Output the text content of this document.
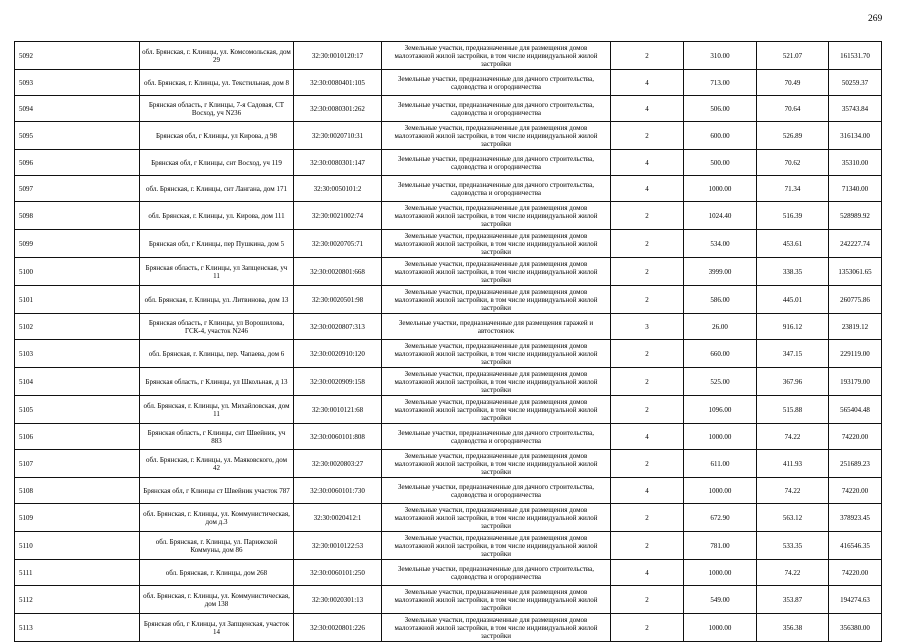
269
5092	обл. Брянская, г. Клинцы, ул. Комсомольская, дом 29	32:30:0010120:17	Земельные участки, предназначенные для размещения домов малоэтажной жилой застройки, в том числе индивидуальной жилой застройки	2	310.00	521.07	161531.70
5093	обл. Брянская, г. Клинцы, ул. Текстильная, дом 8	32:30:0080401:105	Земельные участки, предназначенные для дачного строительства, садоводства и огородничества	4	713.00	70.49	50259.37
5094	Брянская область, г Клинцы, 7-я Садовая, СТ Восход, уч N236	32:30:0080301:262	Земельные участки, предназначенные для дачного строительства, садоводства и огородничества	4	506.00	70.64	35743.84
5095	Брянская обл, г Клинцы, ул Кирова, д 98	32:30:0020710:31	Земельные участки, предназначенные для размещения домов малоэтажной жилой застройки, в том числе индивидуальной жилой застройки	2	600.00	526.89	316134.00
5096	Брянская обл, г Клинцы, снт Восход, уч 119	32:30:0080301:147	Земельные участки, предназначенные для дачного строительства, садоводства и огородничества	4	500.00	70.62	35310.00
5097	обл. Брянская, г. Клинцы, снт Лангана, дом 171	32:30:0050101:2	Земельные участки, предназначенные для дачного строительства, садоводства и огородничества	4	1000.00	71.34	71340.00
5098	обл. Брянская, г. Клинцы, ул. Кирова, дом 111	32:30:0021002:74	Земельные участки, предназначенные для размещения домов малоэтажной жилой застройки, в том числе индивидуальной жилой застройки	2	1024.40	516.39	528989.92
5099	Брянская обл, г Клинцы, пер Пушкина, дом 5	32:30:0020705:71	Земельные участки, предназначенные для размещения домов малоэтажной жилой застройки, в том числе индивидуальной жилой застройки	2	534.00	453.61	242227.74
5100	Брянская область, г Клинцы, ул Запщенская, уч 11	32:30:0020801:668	Земельные участки, предназначенные для размещения домов малоэтажной жилой застройки, в том числе индивидуальной жилой застройки	2	3999.00	338.35	1353061.65
5101	обл. Брянская, г. Клинцы, ул. Литвинова, дом 13	32:30:0020501:98	Земельные участки, предназначенные для размещения домов малоэтажной жилой застройки, в том числе индивидуальной жилой застройки	2	586.00	445.01	260775.86
5102	Брянская область, г Клинцы, ул Ворошилова, ГСК-4, участок N246	32:30:0020807:313	Земельные участки, предназначенные для размещения гаражей и автостоянок	3	26.00	916.12	23819.12
5103	обл. Брянская, г. Клинцы, пер. Чапаева, дом 6	32:30:0020910:120	Земельные участки, предназначенные для размещения домов малоэтажной жилой застройки, в том числе индивидуальной жилой застройки	2	660.00	347.15	229119.00
5104	Брянская область, г Клинцы, ул Школьная, д 13	32:30:0020909:158	Земельные участки, предназначенные для размещения домов малоэтажной жилой застройки, в том числе индивидуальной жилой застройки	2	525.00	367.96	193179.00
5105	обл. Брянская, г. Клинцы, ул. Михайловская, дом 11	32:30:0010121:68	Земельные участки, предназначенные для размещения домов малоэтажной жилой застройки, в том числе индивидуальной жилой застройки	2	1096.00	515.88	565404.48
5106	Брянская область, г Клинцы, снт Швейник, уч 883	32:30:0060101:808	Земельные участки, предназначенные для дачного строительства, садоводства и огородничества	4	1000.00	74.22	74220.00
5107	обл. Брянская, г. Клинцы, ул. Маяковского, дом 42	32:30:0020803:27	Земельные участки, предназначенные для размещения домов малоэтажной жилой застройки, в том числе индивидуальной жилой застройки	2	611.00	411.93	251689.23
5108	Брянская обл, г Клинцы ст Швейник участок 787	32:30:0060101:730	Земельные участки, предназначенные для дачного строительства, садоводства и огородничества	4	1000.00	74.22	74220.00
5109	обл. Брянская, г. Клинцы, ул. Коммунистическая, дом д.3	32:30:0020412:1	Земельные участки, предназначенные для размещения домов малоэтажной жилой застройки, в том числе индивидуальной жилой застройки	2	672.90	563.12	378923.45
5110	обл. Брянская, г. Клинцы, ул. Парижской Коммуны, дом 86	32:30:0010122:53	Земельные участки, предназначенные для размещения домов малоэтажной жилой застройки, в том числе индивидуальной жилой застройки	2	781.00	533.35	416546.35
5111	обл. Брянская, г. Клинцы, дом 268	32:30:0060101:250	Земельные участки, предназначенные для дачного строительства, садоводства и огородничества	4	1000.00	74.22	74220.00
5112	обл. Брянская, г. Клинцы, ул. Коммунистическая, дом 138	32:30:0020301:13	Земельные участки, предназначенные для размещения домов малоэтажной жилой застройки, в том числе индивидуальной жилой застройки	2	549.00	353.87	194274.63
5113	Брянская обл, г Клинцы, ул Запщенская, участок 14	32:30:0020801:226	Земельные участки, предназначенные для размещения домов малоэтажной жилой застройки, в том числе индивидуальной жилой застройки	2	1000.00	356.38	356380.00
